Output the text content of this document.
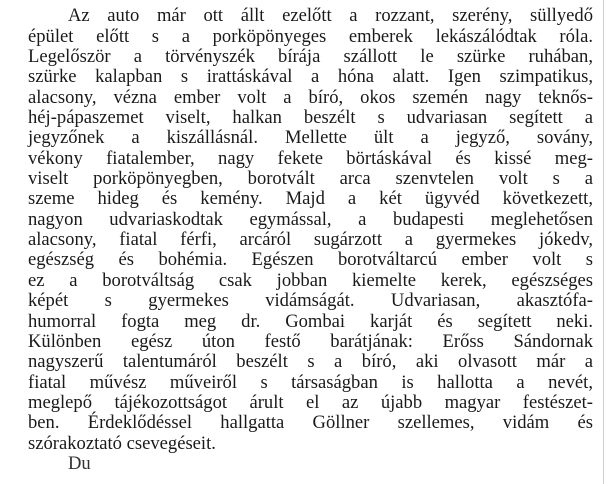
Az auto már ott állt ezelőtt a rozzant, szerény, süllyedő
épület előtt s a porköpönyeges emberek lekászálódtak róla.
Legelőször a törvényszék bírája szállott le szürke ruhában,
szürke kalapban s irattáskával a hóna alatt. Igen szimpatikus,
alacsony, vézna ember volt a bíró, okos szemén nagy teknős-
héj-pápaszemet viselt, halkan beszélt s udvariasan segített a
jegyzőnek a kiszállásnál. Mellette ült a jegyző, sovány,
vékony fiatalember, nagy fekete börtáskával és kissé meg-
viselt porköpönyegben, borotvált arca szenvtelen volt s a
szeme hideg és kemény. Majd a két ügyvéd következett,
nagyon udvariaskodtak egymással, a budapesti meglehetősen
alacsony, fiatal férfi, arcáról sugárzott a gyermekes jókedv,
egészség és bohémia. Egészen borotváltarcú ember volt s
ez a borotváltság csak jobban kiemelte kerek, egészséges
képét s gyermekes vidámságát. Udvariasan, akasztófa-
humorral fogta meg dr. Gombai karját és segített neki.
Különben egész úton festő barátjának: Erőss Sándornak
nagyszerű talentumáról beszélt s a bíró, aki olvasott már a
fiatal művész műveiről s társaságban is hallotta a nevét,
meglepő tájékozottságot árult el az újabb magyar festészet-
ben. Érdeklődéssel hallgatta Göllner szellemes, vidám és
szórakoztató csevegéseit.
Du
